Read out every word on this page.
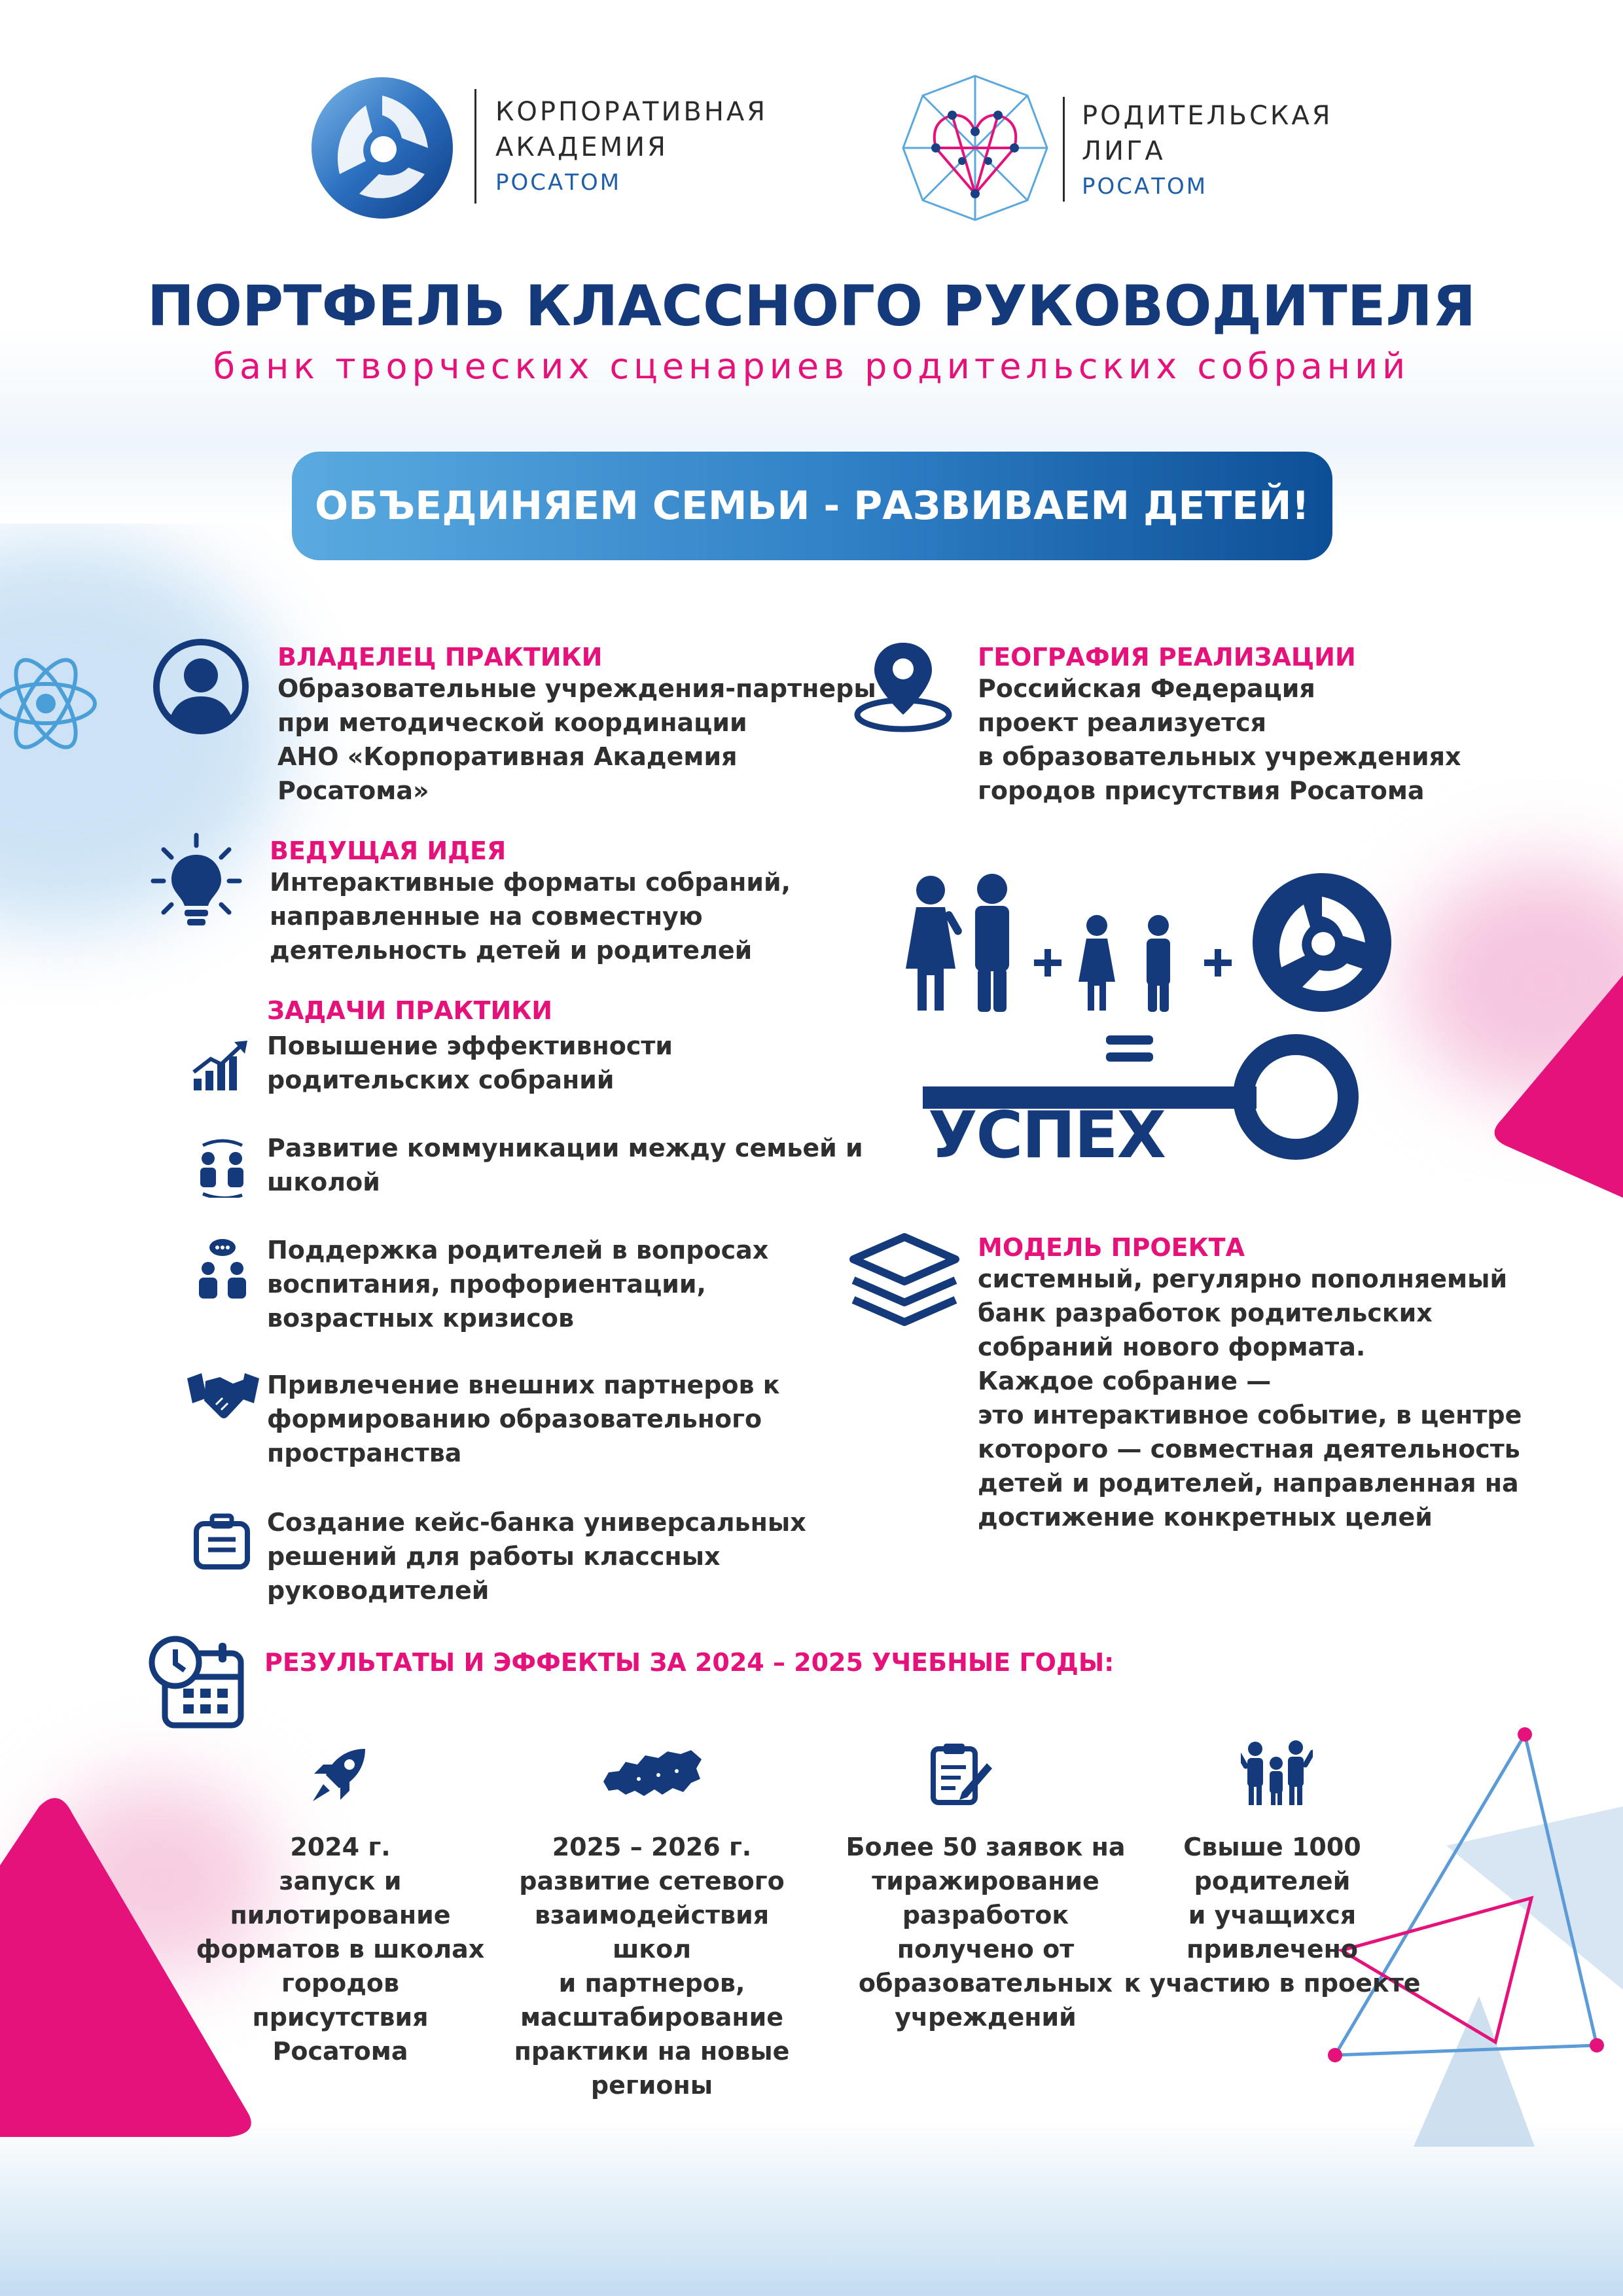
КОРПОРАТИВНАЯ
АКАДЕМИЯ
РОСАТОМ
РОДИТЕЛЬСКАЯ
ЛИГА
РОСАТОМ
ПОРТФЕЛЬ КЛАССНОГО РУКОВОДИТЕЛЯ
банк творческих сценариев родительских собраний
ОБЪЕДИНЯЕМ СЕМЬИ - РАЗВИВАЕМ ДЕТЕЙ!
ВЛАДЕЛЕЦ ПРАКТИКИ
Образовательные учреждения-партнеры
при методической координации
АНО «Корпоративная Академия
Росатома»
ГЕОГРАФИЯ РЕАЛИЗАЦИИ
Российская Федерация
проект реализуется
в образовательных учреждениях
городов присутствия Росатома
ВЕДУЩАЯ ИДЕЯ
Интерактивные форматы собраний,
направленные на совместную
деятельность детей и родителей
ЗАДАЧИ ПРАКТИКИ
Повышение эффективности
родительских собраний
Развитие коммуникации между семьей и
школой
Поддержка родителей в вопросах
воспитания, профориентации,
возрастных кризисов
Привлечение внешних партнеров к
формированию образовательного
пространства
Создание кейс-банка универсальных
решений для работы классных
руководителей
УСПЕХ
МОДЕЛЬ ПРОЕКТА
системный, регулярно пополняемый
банк разработок родительских
собраний нового формата.
Каждое собрание —
это интерактивное событие, в центре
которого — совместная деятельность
детей и родителей, направленная на
достижение конкретных целей
РЕЗУЛЬТАТЫ И ЭФФЕКТЫ ЗА 2024 – 2025 УЧЕБНЫЕ ГОДЫ:
2024 г.
запуск и пилотирование
форматов в школах
городов присутствия
Росатома
2025 – 2026 г.
развитие сетевого
взаимодействия школ
и партнеров,
масштабирование
практики на новые
регионы
Более 50 заявок на
тиражирование
разработок
получено от
образовательных
учреждений
Свыше 1000 родителей
и учащихся привлечено
к участию в проекте
